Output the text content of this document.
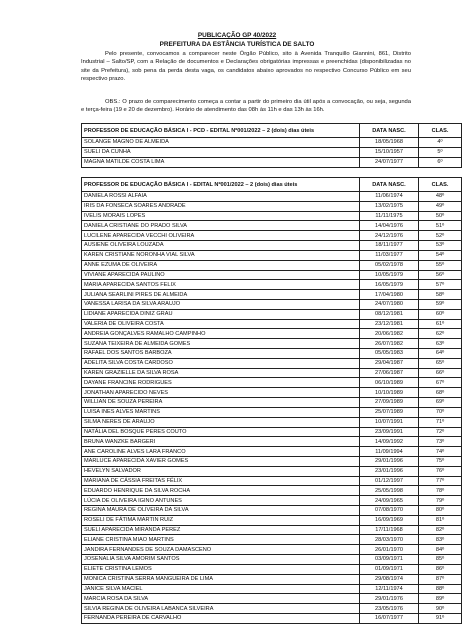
PUBLICAÇÃO GP 40/2022
PREFEITURA DA ESTÂNCIA TURÍSTICA DE SALTO
Pelo presente, convocamos a comparecer neste Órgão Público, sito à Avenida Tranquillo Giannini, 861, Distrito Industrial – Salto/SP, com a Relação de documentos e Declarações obrigatórias impressas e preenchidas (disponibilizadas no site da Prefeitura), sob pena da perda desta vaga, os candidatos abaixo aprovados no respectivo Concurso Público em seu respectivo prazo.
OBS.: O prazo de comparecimento começa a contar a partir do primeiro dia útil após a convocação, ou seja, segunda e terça-feira (19 e 20 de dezembro). Horário de atendimento das 08h às 11h e das 13h às 16h.
PROFESSOR DE EDUCAÇÃO BÁSICA I - PCD - EDITAL Nº001/2022 – 2 (dois) dias úteis	DATA NASC.	CLAS.
SOLANGE MAGNO DE ALMEIDA	18/05/1968	4º
SUELI DA CUNHA	15/10/1957	5º
MAGNA MATILDE COSTA LIMA	24/07/1977	6º
PROFESSOR DE EDUCAÇÃO BÁSICA I - EDITAL Nº001/2022 – 2 (dois) dias úteis	DATA NASC.	CLAS.
DANIELA ROSSI ALFAIA	11/06/1974	48º
IRIS DA FONSECA SOARES ANDRADE	13/02/1975	49º
IVELIS MORAIS LOPES	11/11/1975	50º
DANIELA CRISTIANE DO PRADO SILVA	14/04/1976	51º
LUCILENE APARECIDA VECCHI OLIVEIRA	24/12/1976	52º
AUSIENE OLIVEIRA LOUZADA	18/11/1977	53º
KAREN CRISTIANE NORONHA VIAL SILVA	11/03/1977	54º
ANNE EZUMA DE OLIVEIRA	05/02/1978	55º
VIVIANE APARECIDA PAULINO	10/05/1979	56º
MARIA APARECIDA SANTOS FELIX	16/05/1979	57º
JULIANA SEARLINI PIRES DE ALMEIDA	17/04/1980	58º
VANESSA LARISA DA SILVA ARAUJO	24/07/1980	59º
LIDIANE APARECIDA DINIZ GRAU	08/12/1981	60º
VALERIA DE OLIVEIRA COSTA	23/12/1981	61º
ANDREIA GONÇALVES RAMALHO CAMPINHO	20/06/1982	62º
SUZANA TEIXEIRA DE ALMEIDA GOMES	26/07/1982	63º
RAFAEL DOS SANTOS BARBOZA	05/05/1983	64º
ADELITA SILVA COSTA CARDOSO	29/04/1987	65º
KAREN GRAZIELLE DA SILVA ROSA	27/06/1987	66º
DAYANE FRANCINE RODRIGUES	06/10/1989	67º
JONATHAN APARECIDO NEVES	10/10/1989	68º
WILLIAN DE SOUZA PEREIRA	27/09/1989	69º
LUISA INES ALVES MARTINS	25/07/1989	70º
SILMA NERES DE ARAUJO	10/07/1991	71º
NATÁLIA DEL BOSQUE PERES COUTO	23/09/1991	72º
BRUNA WANZKE BARGERI	14/09/1992	73º
ANE CAROLINE ALVES LARA FRANCO	11/09/1994	74º
MARLUCE APARECIDA XAVIER GOMES	29/01/1996	75º
HEVELYN SALVADOR	23/01/1996	76º
MARIANA DE CÁSSIA FREITAS FÉLIX	01/12/1997	77º
EDUARDO HENRIQUE DA SILVA ROCHA	25/05/1998	78º
LÚCIA DE OLIVEIRA IGINO ANTUNES	24/09/1965	79º
REGINA MAURA DE OLIVEIRA DA SILVA	07/08/1970	80º
ROSELI DE FÁTIMA MARTIN RUIZ	16/09/1969	81º
SUELI APARECIDA MIRANDA PEREZ	17/11/1968	82º
ELIANE CRISTINA MIAO MARTINS	28/03/1970	83º
JANDIRA FERNANDES DE SOUZA DAMASCENO	26/01/1970	84º
JOSENALIA SILVA AMORIM SANTOS	03/09/1971	85º
ELIETE CRISTINA LEMOS	01/09/1971	86º
MONICA CRISTINA SERRA MANGUEIRA DE LIMA	29/08/1974	87º
JANICE SILVA MACIEL	12/11/1974	88º
MARCIA ROSA DA SILVA	29/01/1976	89º
SILVIA REGINA DE OLIVEIRA LABANCA SILVEIRA	23/05/1976	90º
FERNANDA PEREIRA DE CARVALHO	16/07/1977	91º
